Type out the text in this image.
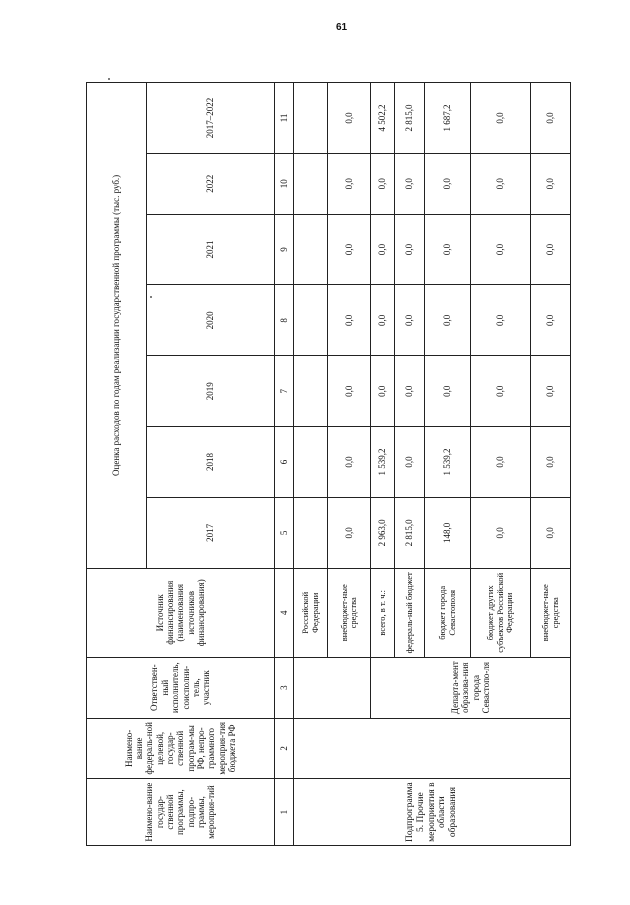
61
Наимено-вание государ-ственной программы, подпро-граммы, мероприя-тий	Наимено-вание федераль-ной целевой, государ-ственной програм-мы РФ, непро-граммного мероприя-тия бюджета РФ	Ответствен-ный исполнитель, соисполни-тель, участник	Источник финансирования (наименования источников финансирования)	Оценка расходов по годам реализации государственной программы (тыс. руб.)						
				2017	2018	2019	2020	2021	2022	2017–2022
1	2	3	4	5	6	7	8	9	10	11
Подпрограмма 5. Прочие мероприятия в области образования			Российской Федерации							
			внебюджет-ные средства	0,0	0,0	0,0	0,0	0,0	0,0	0,0
		Департа-мент образова-ния города Севастопо-ля	всего, в т. ч.:	2 963,0	1 539,2	0,0	0,0	0,0	0,0	4 502,2
			федераль-ный бюджет	2 815,0	0,0	0,0	0,0	0,0	0,0	2 815,0
			бюджет города Севастополя	148,0	1 539,2	0,0	0,0	0,0	0,0	1 687,2
			бюджет других субъектов Российской Федерации	0,0	0,0	0,0	0,0	0,0	0,0	0,0
			внебюджет-ные средства	0,0	0,0	0,0	0,0	0,0	0,0	0,0
